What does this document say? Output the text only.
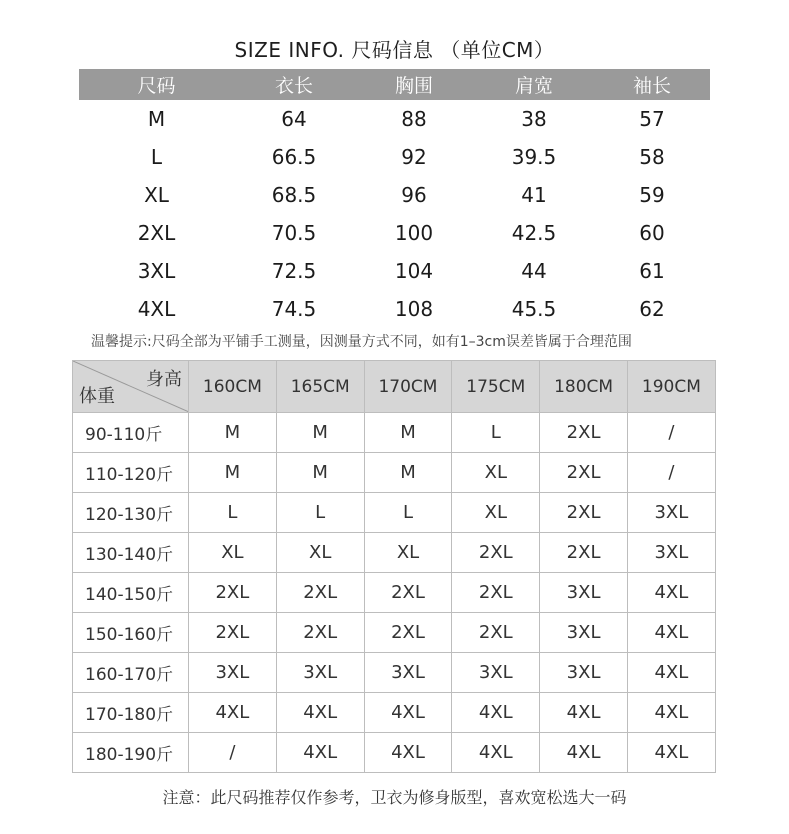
SIZE INFO. 尺码信息 （单位CM）
尺码	衣长	胸围	肩宽	袖长
M	64	88	38	57
L	66.5	92	39.5	58
XL	68.5	96	41	59
2XL	70.5	100	42.5	60
3XL	72.5	104	44	61
4XL	74.5	108	45.5	62
温馨提示:尺码全部为平铺手工测量，因测量方式不同，如有1–3cm误差皆属于合理范围
身高
体重	160CM	165CM	170CM	175CM	180CM	190CM
90-110斤	M	M	M	L	2XL	/
110-120斤	M	M	M	XL	2XL	/
120-130斤	L	L	L	XL	2XL	3XL
130-140斤	XL	XL	XL	2XL	2XL	3XL
140-150斤	2XL	2XL	2XL	2XL	3XL	4XL
150-160斤	2XL	2XL	2XL	2XL	3XL	4XL
160-170斤	3XL	3XL	3XL	3XL	3XL	4XL
170-180斤	4XL	4XL	4XL	4XL	4XL	4XL
180-190斤	/	4XL	4XL	4XL	4XL	4XL
注意：此尺码推荐仅作参考，卫衣为修身版型，喜欢宽松选大一码
